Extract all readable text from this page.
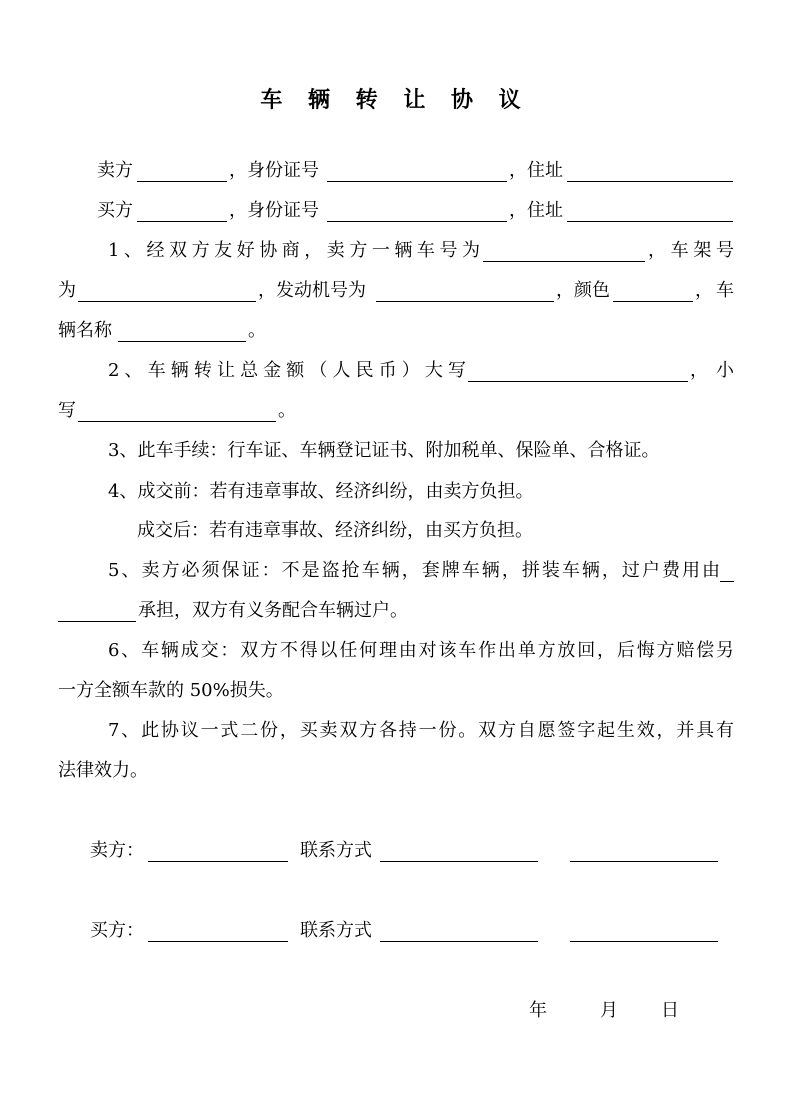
车 辆 转 让 协 议
卖方	，身份证号	，住址
买方	，身份证号	，住址
1、经双方友好协商，卖方一辆车号为	，车架号
为	，发动机号为	，颜色	，车
辆名称	。
2、车辆转让总金额（人民币）大写	，小
写	。
3、此车手续：行车证、车辆登记证书、附加税单、保险单、合格证。
4、成交前：若有违章事故、经济纠纷，由卖方负担。
成交后：若有违章事故、经济纠纷，由买方负担。
5、卖方必须保证：不是盗抢车辆，套牌车辆，拼装车辆，过户费用由
承担，双方有义务配合车辆过户。
6、车辆成交：双方不得以任何理由对该车作出单方放回，后悔方赔偿另
一方全额车款的 50%损失。
7、此协议一式二份，买卖双方各持一份。双方自愿签字起生效，并具有
法律效力。
卖方：	联系方式
买方：	联系方式
年	月 日
